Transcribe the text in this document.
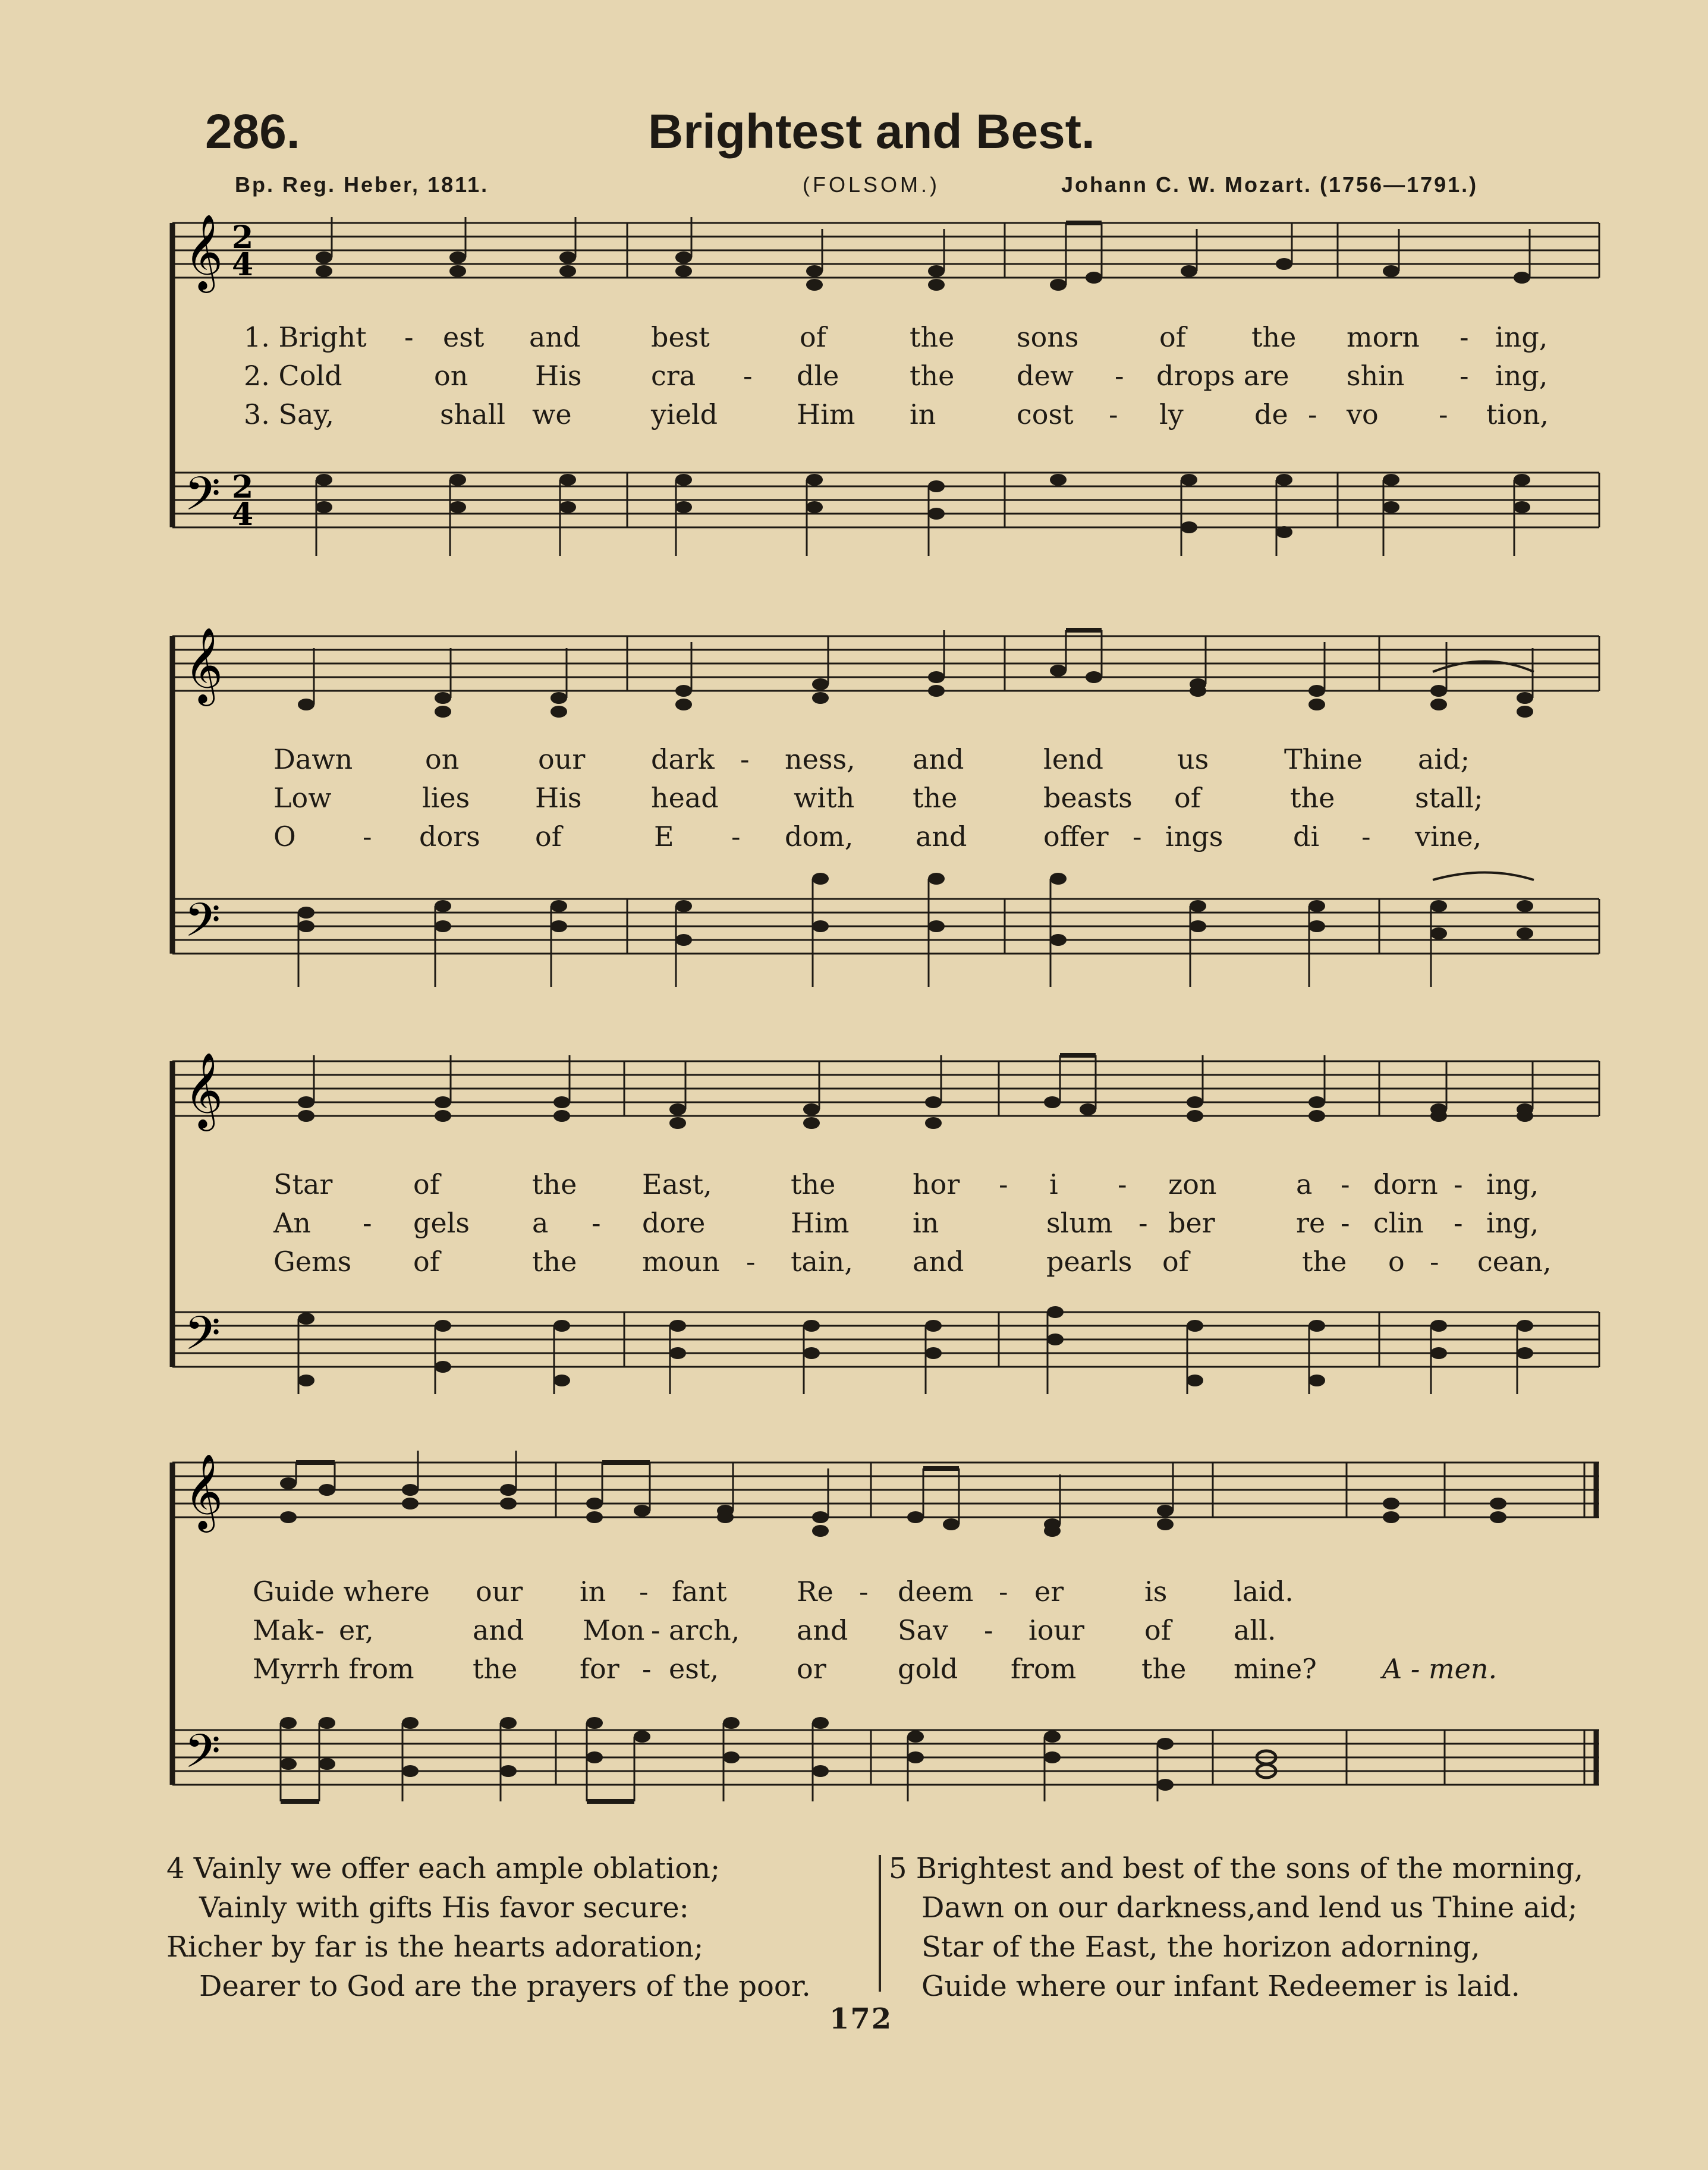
286.	Brightest and Best.
Bp. Reg. Heber, 1811.	(FOLSOM.)	Johann C. W. Mozart. (1756—1791.)
𝄞
𝄢
2
4
2
4
1. Bright - est and	best	of	the sons	of the morn - ing,
2. Cold	on His	cra - dle	the dew - drops are shin - ing,
3. Say,	shall we	yield	Him in	cost - ly	de - vo - tion,
𝄞
𝄢
Dawn	on	our dark - ness, and	lend	us	Thine aid;
Low	lies His	head	with the	beasts of	the	stall;
O - dors of	E - dom, and	offer - ings	di - vine,
𝄞
𝄢
Star	of	the East,	the	hor - i - zon	a - dorn - ing,
An - gels a - dore	Him in	slum - ber	re - clin - ing,
Gems of	the moun - tain, and	pearls of	the o - cean,
𝄞
𝄢
Guide where our in - fant	Re - deem - er	is laid.
Mak - er,	and Mon - arch, and Sav - iour of all.
Myrrh from the for - est,	or	gold from the mine? A - men.

4 Vainly we offer each ample oblation;

Vainly with gifts His favor secure:

Richer by far is the hearts adoration;

Dearer to God are the prayers of the poor.

5 Brightest and best of the sons of the morning,

Dawn on our darkness,and lend us Thine aid;

Star of the East, the horizon adorning,

Guide where our infant Redeemer is laid.

172
